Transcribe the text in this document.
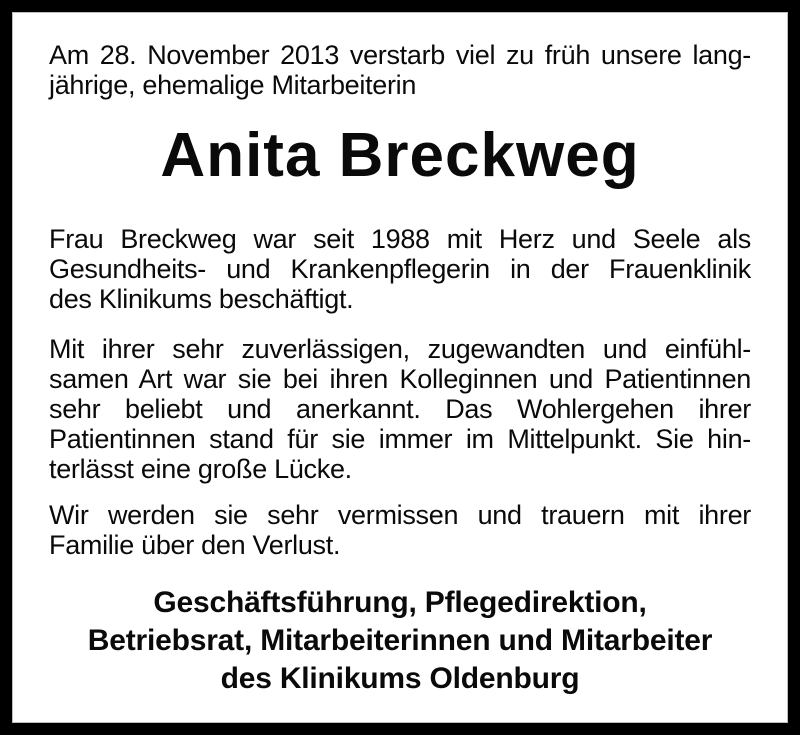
Am 28. November 2013 verstarb viel zu früh unsere lang-
jährige, ehemalige Mitarbeiterin
Anita Breckweg
Frau Breckweg war seit 1988 mit Herz und Seele als
Gesundheits- und Krankenpflegerin in der Frauenklinik
des Klinikums beschäftigt.
Mit ihrer sehr zuverlässigen, zugewandten und einfühl-
samen Art war sie bei ihren Kolleginnen und Patientinnen
sehr beliebt und anerkannt. Das Wohlergehen ihrer
Patientinnen stand für sie immer im Mittelpunkt. Sie hin-
terlässt eine große Lücke.
Wir werden sie sehr vermissen und trauern mit ihrer
Familie über den Verlust.
Geschäftsführung, Pflegedirektion,
Betriebsrat, Mitarbeiterinnen und Mitarbeiter
des Klinikums Oldenburg
